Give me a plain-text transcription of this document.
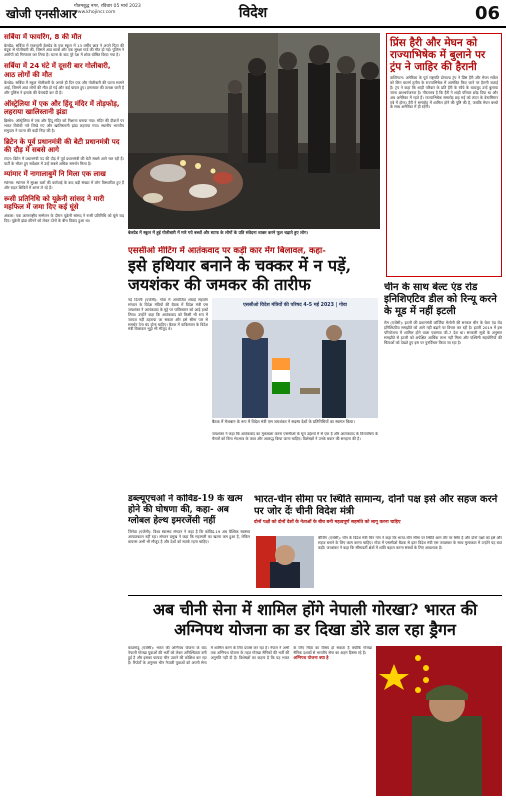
खोजी एनसीआर
गौतमबुद्ध नगर, रविवार 05 मार्च 2023
www.khojincr.com	विदेश	06
सर्बिया में फायरिंग, 8 की मौत

बेलग्रेड: सर्बिया में राजधानी बेलग्रेड के एक स्कूल में 13 वर्षीय छात्र ने अपने पिता की बंदूक से गोलीबारी की, जिसमें आठ छात्रों और एक सुरक्षा गार्ड की मौत हो गई। पुलिस ने आरोपी को गिरफ्तार कर लिया है। घटना के बाद पूरे देश में शोक घोषित किया गया है।

सर्बिया में 24 घंटे में दूसरी बार गोलीबारी, आठ लोगों की मौत

बेलग्रेड: सर्बिया में स्कूल गोलीबारी के अगले ही दिन एक और गोलीबारी की घटना सामने आई, जिसमें आठ लोगों की मौत हो गई और कई घायल हुए। हमलावर की तलाश जारी है और पुलिस ने इलाके की घेराबंदी कर दी है।

ऑस्ट्रेलिया में एक और हिंदू मंदिर में तोड़फोड़, लहराया खालिस्तानी झंडा

ब्रिस्बेन: ऑस्ट्रेलिया में एक और हिंदू मंदिर को निशाना बनाया गया। मंदिर की दीवारों पर भारत विरोधी नारे लिखे गए और खालिस्तानी झंडा लहराया गया। स्थानीय भारतीय समुदाय ने घटना की कड़ी निंदा की है।

ब्रिटेन के पूर्व प्रधानमंत्री की बेटी प्रधानमंत्री पद की दौड़ में सबसे आगे

लंदन: ब्रिटेन में प्रधानमंत्री पद की दौड़ में पूर्व प्रधानमंत्री की बेटी सबसे आगे चल रही हैं। पार्टी के भीतर हुए सर्वेक्षण में उन्हें सबसे अधिक समर्थन मिला है।

म्यांमार में नागालाबुमें नि मिला एक लाख

म्यांमार: म्यांमार में सुरक्षा बलों की कार्रवाई के बाद बड़ी संख्या में लोग विस्थापित हुए हैं और राहत शिविरों में शरण ले रहे हैं।

रूसी प्रतिनिधि को यूक्रेनी सांसद ने मारी महफिल में जमा दिए कई घूंसे

अंकारा: एक अंतरराष्ट्रीय सम्मेलन के दौरान यूक्रेनी सांसद ने रूसी प्रतिनिधि को घूंसे जड़ दिए। यूक्रेनी झंडा छीनने को लेकर दोनों के बीच विवाद हुआ था।

बेलग्रेड में स्कूल में हुई गोलीबारी में मारे गये बच्चों और स्टाफ के लोगों के प्रति संवेदना व्यक्त करने फूल चढ़ाते हुए लोग।
प्रिंस हैरी और मेघन को राज्याभिषेक में बुलाने पर ट्रंप ने जाहिर की हैरानी

वाशिंगटन: अमेरिका के पूर्व राष्ट्रपति डोनाल्ड ट्रंप ने प्रिंस हैरी और मेघन मर्केल को किंग चार्ल्स तृतीय के राज्याभिषेक में आमंत्रित किए जाने पर हैरानी जताई है। ट्रंप ने कहा कि शाही परिवार के प्रति हैरी के रवैये के बावजूद उन्हें बुलाया जाना आश्चर्यजनक है। गौरतलब है कि हैरी ने शाही परिवार छोड़ दिया था और अब अमेरिका में रहते हैं। राज्याभिषेक समारोह छह मई को लंदन के वेस्टमिंस्टर एबे में होगा। हैरी ने समारोह में शामिल होने की पुष्टि की है, जबकि मेघन बच्चों के साथ अमेरिका में ही रहेंगी।

एससीओ मीटिंग में आतंकवाद पर कड़ी कार मेंग बिलावल, कहा-
इसे हथियार बनाने के चक्कर में न पड़ें, जयशंकर की जमकर की तारीफ
नई दिल्ली (एजेंसी): गोवा में आयोजित शंघाई सहयोग संगठन के विदेश मंत्रियों की बैठक में विदेश मंत्री एस जयशंकर ने आतंकवाद के मुद्दे पर पाकिस्तान को आड़े हाथों लिया। उन्होंने कहा कि आतंकवाद को किसी भी रूप में जायज नहीं ठहराया जा सकता और इसे सीमा पार से समर्थन देना बंद होना चाहिए। बैठक में पाकिस्तान के विदेश मंत्री बिलावल भुट्टो भी मौजूद थे।
एससीओ विदेश मंत्रियों की परिषद 4-5 मई 2023 | गोवा
बैठक में मेजबान के रूप में विदेश मंत्री एस जयशंकर ने सदस्य देशों के प्रतिनिधियों का स्वागत किया।
जयशंकर ने कहा कि आतंकवाद का मुकाबला करना एससीओ के मूल उद्देश्यों में से एक है और आतंकवाद के वित्तपोषण के चैनलों को बिना भेदभाव के जब्त और अवरुद्ध किया जाना चाहिए। विशेषज्ञों ने उनके बयान की सराहना की है।
चीन के साथ बेल्ट एंड रोड इनिशिएटिव डील को रिन्यू करने के मूड में नहीं इटली

रोम (एजेंसी): इटली की प्रधानमंत्री जॉर्जिया मेलोनी की सरकार चीन के बेल्ट एंड रोड इनिशिएटिव समझौते को आगे नहीं बढ़ाने पर विचार कर रही है। इटली 2019 में इस परियोजना में शामिल होने वाला एकमात्र जी-7 देश था। सरकारी सूत्रों के अनुसार समझौते से इटली को अपेक्षित आर्थिक लाभ नहीं मिला और पश्चिमी सहयोगियों की चिंताओं को देखते हुए इस पर पुनर्विचार किया जा रहा है।

डब्ल्यूएचओ ने कोविड-19 के खत्म होने की घोषणा की, कहा- अब ग्लोबल हेल्थ इमरजेंसी नहीं

जिनेवा (एजेंसी): विश्व स्वास्थ्य संगठन ने कहा है कि कोविड-19 अब वैश्विक स्वास्थ्य आपातकाल नहीं रहा। संगठन प्रमुख ने कहा कि महामारी का खतरा कम हुआ है, लेकिन वायरस अभी भी मौजूद है और देशों को सतर्क रहना चाहिए।

भारत-चीन सीमा पर स्थिति सामान्य, दोनों पक्ष इसे और सहज करने पर जोर देंः चीनी विदेश मंत्री
दोनों पक्षों को दोनों देशों के नेताओं के बीच बनी महत्वपूर्ण सहमति को लागू करना चाहिए
बीजिंग (एजेंसी): चीन के विदेश मंत्री चिन गांग ने कहा कि भारत-चीन सीमा पर स्थिति आम तौर पर स्थिर है और दोनों पक्षों को इसे और सहज बनाने के लिए काम करना चाहिए। गोवा में एससीओ बैठक से इतर विदेश मंत्री एस जयशंकर के साथ मुलाकात में उन्होंने यह बात कही। जयशंकर ने कहा कि सीमावर्ती क्षेत्रों में शांति बहाल करना संबंधों के लिए आवश्यक है।
अब चीनी सेना में शामिल होंगे नेपाली गोरखा? भारत की अग्निपथ योजना का डर दिखा डोरे डाल रहा ड्रैगन
काठमांडू (एजेंसी): भारत की अग्निपथ योजना के बाद नेपाली गोरखा युवाओं की भर्ती को लेकर अनिश्चितता बनी हुई है और इसका फायदा चीन उठाने की कोशिश कर रहा है। रिपोर्टों के अनुसार चीन नेपाली युवाओं को अपनी सेना में शामिल करने के लिए प्रयास कर रहा है। नेपाल ने अभी तक अग्निपथ योजना के तहत गोरखा सैनिकों की भर्ती की अनुमति नहीं दी है। विशेषज्ञों का कहना है कि यह भारत के लिए चिंता का विषय हो सकता है क्योंकि गोरखा सैनिक दशकों से भारतीय सेना का अहम हिस्सा रहे हैं।
अग्निपथ योजना क्या है
